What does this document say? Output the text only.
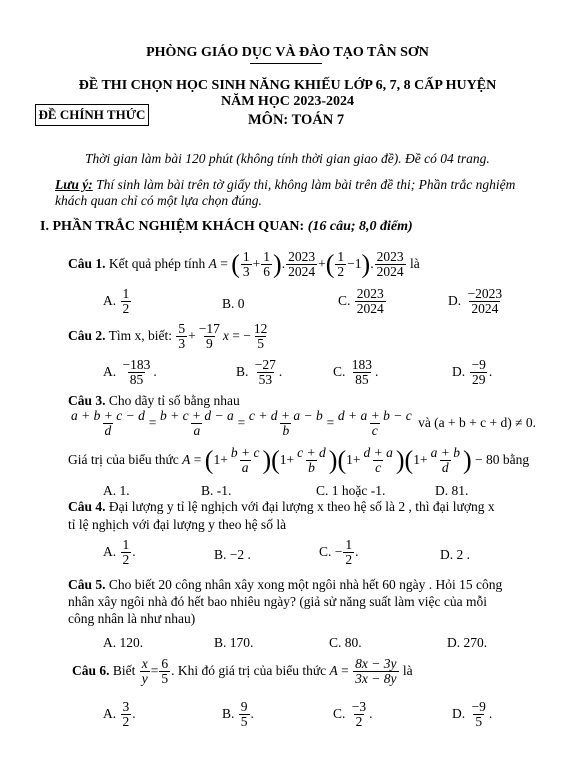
PHÒNG GIÁO DỤC VÀ ĐÀO TẠO TÂN SƠN
ĐỀ THI CHỌN HỌC SINH NĂNG KHIẾU LỚP 6, 7, 8 CẤP HUYỆN
NĂM HỌC 2023-2024
ĐỀ CHÍNH THỨC	MÔN: TOÁN 7
Thời gian làm bài 120 phút (không tính thời gian giao đề). Đề có 04 trang.
Lưu ý: Thí sinh làm bài trên tờ giấy thi, không làm bài trên đề thi; Phần trắc nghiệm
khách quan chỉ có một lựa chọn đúng.
I. PHẦN TRẮC NGHIỆM KHÁCH QUAN: (16 câu; 8,0 điểm)
Câu 1. Kết quả phép tính A = ( $\frac{1}{3} + \frac{1}{6}$ ). $\frac{2023}{2024}$ +( $\frac{1}{2} -1$). $\frac{2023}{2024}$ là
A. $\frac{1}{2}$	B. 0	C. $\frac{2023}{2024}$	D. $\frac{-2023}{2024}$
Câu 2. Tìm x, biết: $\frac{5}{3} + \frac{-17}{9}$ x = − $\frac{12}{5}$
A. $\frac{-183}{85}$ .	B. $\frac{-27}{53}$ .	C. $\frac{183}{85}$ .	D. $\frac{-9}{29}$ .
Câu 3. Cho dãy tỉ số bằng nhau
$\frac{a + b + c - d}{d} = \frac{b + c + d - a}{a} = \frac{c + d + a - b}{b} = \frac{d + a + b - c}{c}$ và (a + b + c + d) ≠ 0.
Giá trị của biểu thức $A = (1+ \frac{b + c}{a} )(1+ \frac{c + d}{b} )(1+ \frac{d + a}{c} )(1+ \frac{a + b}{d}$ ) − 80 bằng
A. 1.	B. -1.	C. 1 hoặc -1.	D. 81.
Câu 4. Đại lượng y tỉ lệ nghịch với đại lượng x theo hệ số là 2 , thì đại lượng x
tỉ lệ nghịch với đại lượng y theo hệ số là
A. $\frac{1}{2}$ .	B. −2 .	C. − $\frac{1}{2}$ .	D. 2 .
Câu 5. Cho biết 20 công nhân xây xong một ngôi nhà hết 60 ngày . Hỏi 15 công
nhân xây ngôi nhà đó hết bao nhiêu ngày? (giả sử năng suất làm việc của mỗi
công nhân là như nhau)
A. 120.	B. 170.	C. 80.	D. 270.
Câu 6. Biết $\frac{x}{y} = \frac{6}{5}$ . Khi đó giá trị của biểu thức $A = \frac{8x - 3y}{3x - 8y}$ là
A. $\frac{3}{2}$ .	B. $\frac{9}{5}$ .	C. $\frac{-3}{2}$ .	D. $\frac{-9}{5}$ .
